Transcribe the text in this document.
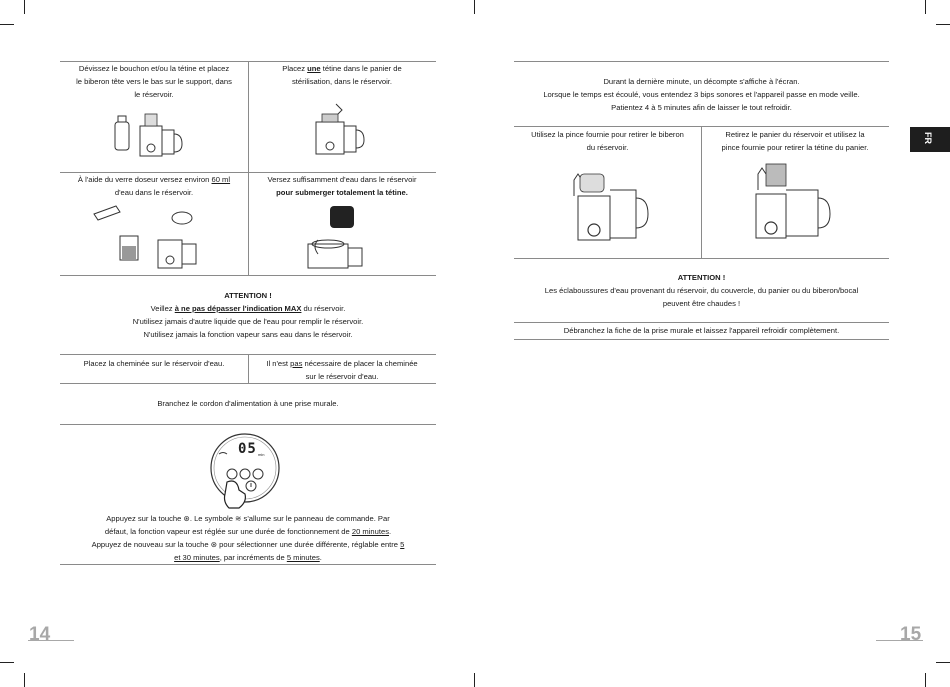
Dévissez le bouchon et/ou la tétine et placez
le biberon tête vers le bas sur le support, dans
le réservoir.
Placez une tétine dans le panier de
stérilisation, dans le réservoir.
À l'aide du verre doseur versez environ 60 ml
d'eau dans le réservoir.
Versez suffisamment d'eau dans le réservoir
pour submerger totalement la tétine.
ATTENTION !
Veillez à ne pas dépasser l'indication MAX du réservoir.
N'utilisez jamais d'autre liquide que de l'eau pour remplir le réservoir.
N'utilisez jamais la fonction vapeur sans eau dans le réservoir.
Placez la cheminée sur le réservoir d'eau.	Il n'est pas nécessaire de placer la cheminée
sur le réservoir d'eau.
Branchez le cordon d'alimentation à une prise murale.
05 min
Appuyez sur la touche ⊛. Le symbole ≋ s'allume sur le panneau de commande. Par
défaut, la fonction vapeur est réglée sur une durée de fonctionnement de 20 minutes.
Appuyez de nouveau sur la touche ⊛ pour sélectionner une durée différente, réglable entre 5
et 30 minutes, par incréments de 5 minutes.
14
Durant la dernière minute, un décompte s'affiche à l'écran.
Lorsque le temps est écoulé, vous entendez 3 bips sonores et l'appareil passe en mode veille.
Patientez 4 à 5 minutes afin de laisser le tout refroidir.
Utilisez la pince fournie pour retirer le biberon
du réservoir.
Retirez le panier du réservoir et utilisez la
pince fournie pour retirer la tétine du panier.
ATTENTION !
Les éclaboussures d'eau provenant du réservoir, du couvercle, du panier ou du biberon/bocal
peuvent être chaudes !
Débranchez la fiche de la prise murale et laissez l'appareil refroidir complètement.
FR
15
